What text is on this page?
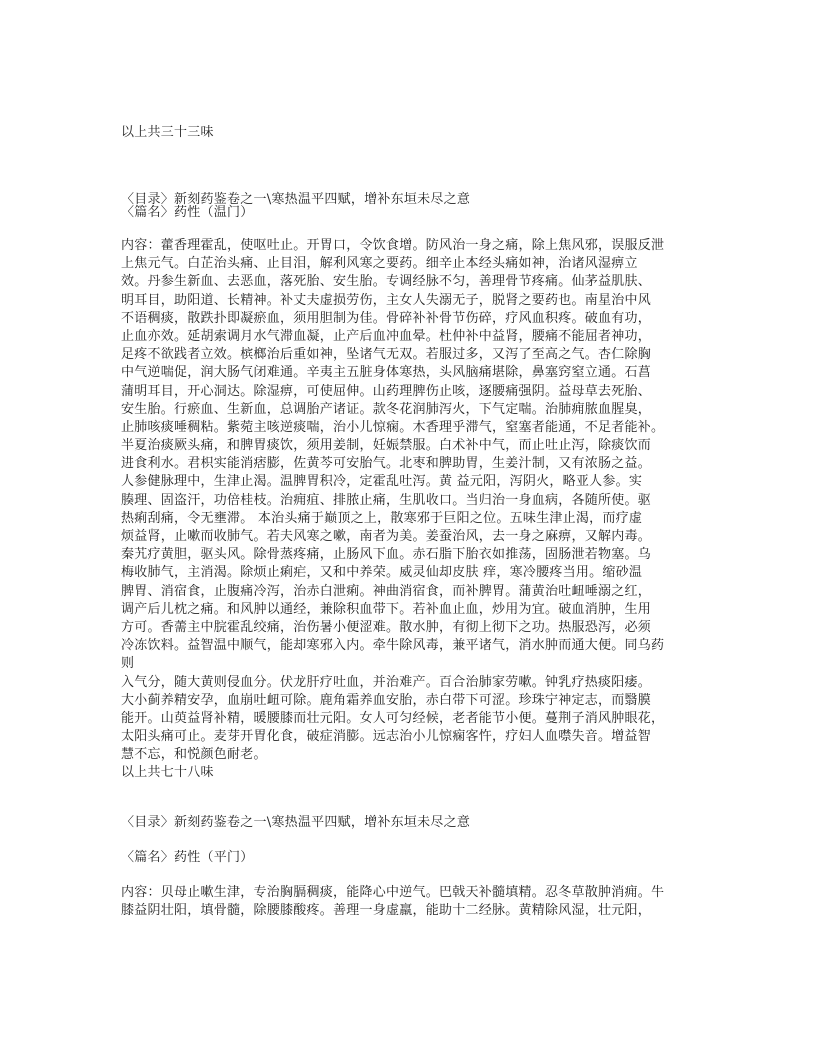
以上共三十三味
〈目录〉新刻药鉴卷之一\寒热温平四赋，增补东垣未尽之意
〈篇名〉药性（温门）
内容：藿香理霍乱，使呕吐止。开胃口，令饮食增。防风治一身之痛，除上焦风邪，误服反泄
上焦元气。白芷治头痛、止目泪，解利风寒之要药。细辛止本经头痛如神，治诸风湿痹立
效。丹参生新血、去恶血，落死胎、安生胎。专调经脉不匀，善理骨节疼痛。仙茅益肌肤、
明耳目，助阳道、长精神。补丈夫虚损劳伤，主女人失溺无子，脱肾之要药也。南星治中风
不语稠痰，散跌扑即凝瘀血，须用胆制为佳。骨碎补补骨节伤碎，疗风血积疼。破血有功，
止血亦效。延胡索调月水气滞血凝，止产后血冲血晕。杜仲补中益肾，腰痛不能屈者神功，
足疼不欲践者立效。槟榔治后重如神，坠诸气无双。若服过多，又泻了至高之气。杏仁除胸
中气逆喘促，润大肠气闭难通。辛夷主五脏身体寒热，头风脑痛堪除，鼻塞窍窒立通。石菖
蒲明耳目，开心洞达。除湿痹，可使屈伸。山药理脾伤止咳，逐腰痛强阴。益母草去死胎、
安生胎。行瘀血、生新血，总调胎产诸证。款冬花润肺泻火，下气定喘。治肺痈脓血腥臭，
止肺咳痰唾稠粘。紫菀主咳逆痰喘，治小儿惊痫。木香理乎滞气，窒塞者能通，不足者能补。
半夏治痰厥头痛，和脾胃痰饮，须用姜制，妊娠禁服。白术补中气，而止吐止泻，除痰饮而
进食利水。君枳实能消痞膨，佐黄芩可安胎气。北枣和脾助胃，生姜汁制，又有浓肠之益。
人参健脉理中，生津止渴。温脾胃积冷，定霍乱吐泻。黄 益元阳，泻阴火，略亚人参。实
腠理、固盗汗，功倍桂枝。治痈疽、排脓止痛，生肌收口。当归治一身血病，各随所使。驱
热痢刮痛，令无壅滞。 本治头痛于巅顶之上，散寒邪于巨阳之位。五味生津止渴，而疗虚
烦益肾，止嗽而收肺气。若夫风寒之嗽，南者为美。姜蚕治风，去一身之麻痹，又解内毒。
秦艽疗黄胆，驱头风。除骨蒸疼痛，止肠风下血。赤石脂下胎衣如推荡，固肠泄若物塞。乌
梅收肺气，主消渴。除烦止痢疟，又和中养荣。威灵仙却皮肤 痒，寒冷腰疼当用。缩砂温
脾胃、消宿食，止腹痛冷泻，治赤白泄痢。神曲消宿食，而补脾胃。蒲黄治吐衄唾溺之红，
调产后儿枕之痛。和风肿以通经，兼除积血带下。若补血止血，炒用为宜。破血消肿，生用
方可。香薷主中脘霍乱绞痛，治伤暑小便涩难。散水肿，有彻上彻下之功。热服恐泻，必须
冷冻饮料。益智温中顺气，能却寒邪入内。牵牛除风毒，兼平诸气，消水肿而通大便。同乌药
则
入气分，随大黄则侵血分。伏龙肝疗吐血，并治难产。百合治肺家劳嗽。钟乳疗热痰阳痿。
大小蓟养精安孕，血崩吐衄可除。鹿角霜养血安胎，赤白带下可涩。珍珠宁神定志，而翳膜
能开。山萸益肾补精，暖腰膝而壮元阳。女人可匀经候，老者能节小便。蔓荆子消风肿眼花，
太阳头痛可止。麦芽开胃化食，破症消膨。远志治小儿惊痫客忤，疗妇人血噤失音。增益智
慧不忘，和悦颜色耐老。
以上共七十八味
〈目录〉新刻药鉴卷之一\寒热温平四赋，增补东垣未尽之意
〈篇名〉药性（平门）
内容：贝母止嗽生津，专治胸膈稠痰，能降心中逆气。巴戟天补髓填精。忍冬草散肿消痈。牛
膝益阴壮阳，填骨髓，除腰膝酸疼。善理一身虚羸，能助十二经脉。黄精除风湿，壮元阳，
